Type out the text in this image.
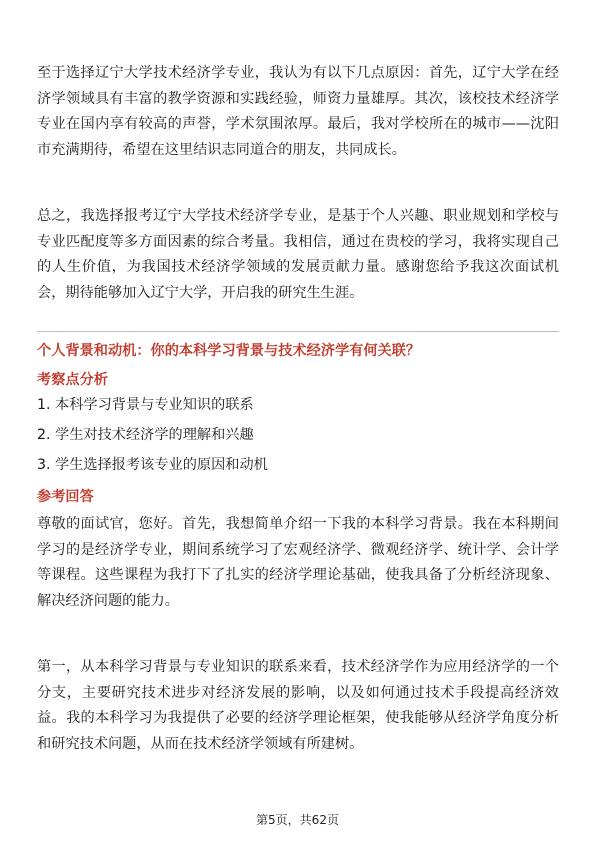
至于选择辽宁大学技术经济学专业，我认为有以下几点原因：首先，辽宁大学在经济学领域具有丰富的教学资源和实践经验，师资力量雄厚。其次，该校技术经济学专业在国内享有较高的声誉，学术氛围浓厚。最后，我对学校所在的城市——沈阳市充满期待，希望在这里结识志同道合的朋友，共同成长。

总之，我选择报考辽宁大学技术经济学专业，是基于个人兴趣、职业规划和学校与专业匹配度等多方面因素的综合考量。我相信，通过在贵校的学习，我将实现自己的人生价值，为我国技术经济学领域的发展贡献力量。感谢您给予我这次面试机会，期待能够加入辽宁大学，开启我的研究生生涯。

个人背景和动机：你的本科学习背景与技术经济学有何关联？

考察点分析

1. 本科学习背景与专业知识的联系

2. 学生对技术经济学的理解和兴趣

3. 学生选择报考该专业的原因和动机

参考回答

尊敬的面试官，您好。首先，我想简单介绍一下我的本科学习背景。我在本科期间学习的是经济学专业，期间系统学习了宏观经济学、微观经济学、统计学、会计学等课程。这些课程为我打下了扎实的经济学理论基础，使我具备了分析经济现象、解决经济问题的能力。

第一，从本科学习背景与专业知识的联系来看，技术经济学作为应用经济学的一个分支，主要研究技术进步对经济发展的影响，以及如何通过技术手段提高经济效益。我的本科学习为我提供了必要的经济学理论框架，使我能够从经济学角度分析和研究技术问题，从而在技术经济学领域有所建树。

第5页，共62页
